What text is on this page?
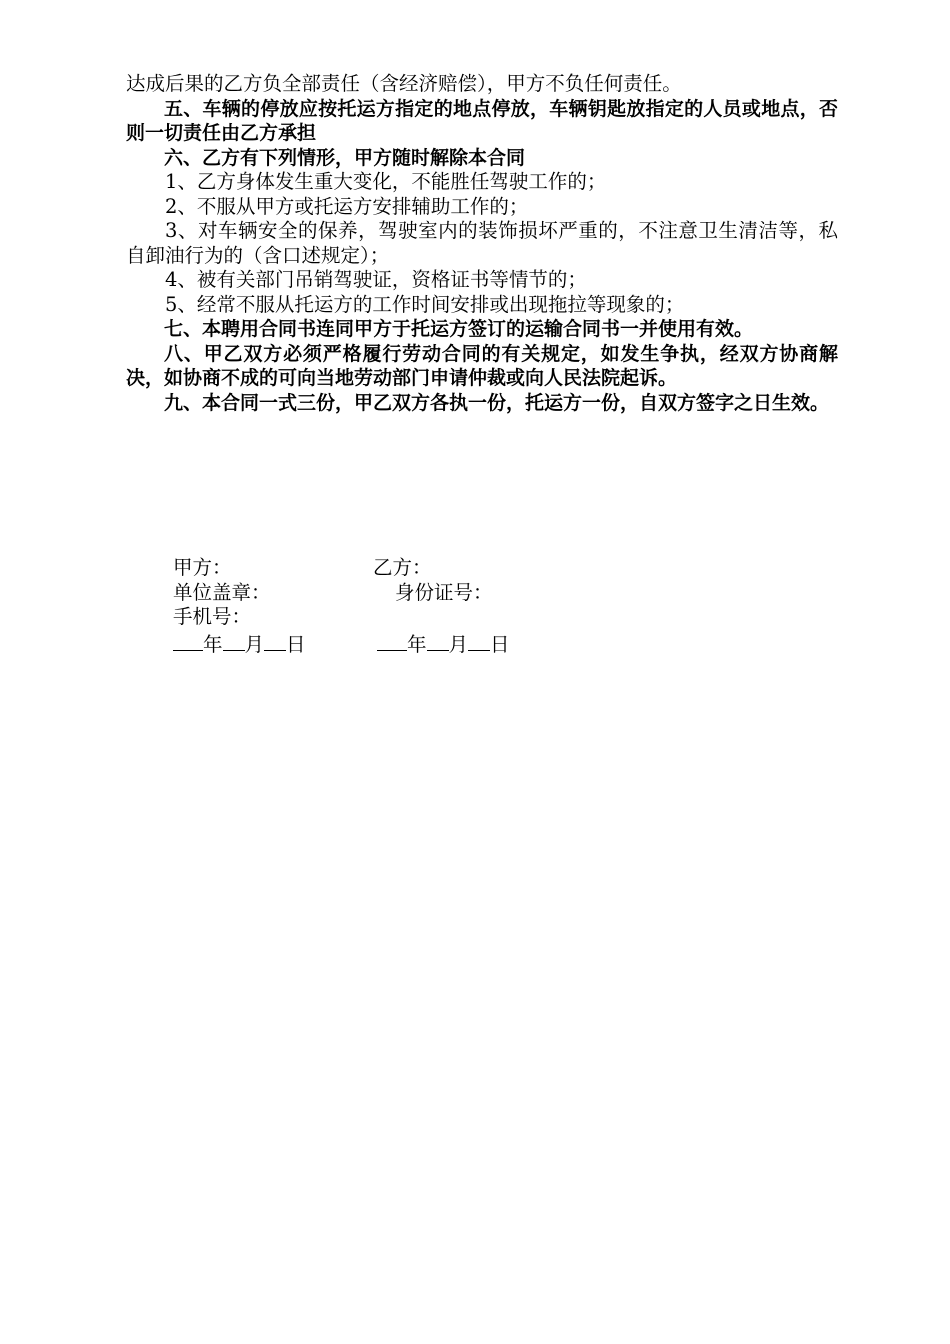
达成后果的乙方负全部责任（含经济赔偿），甲方不负任何责任。

五、车辆的停放应按托运方指定的地点停放，车辆钥匙放指定的人员或地点，否则一切责任由乙方承担

六、乙方有下列情形，甲方随时解除本合同

1、乙方身体发生重大变化，不能胜任驾驶工作的；

2、不服从甲方或托运方安排辅助工作的；

3、对车辆安全的保养，驾驶室内的装饰损坏严重的，不注意卫生清洁等，私自卸油行为的（含口述规定）；

4、被有关部门吊销驾驶证，资格证书等情节的；

5、经常不服从托运方的工作时间安排或出现拖拉等现象的；

七、本聘用合同书连同甲方于托运方签订的运输合同书一并使用有效。

八、甲乙双方必须严格履行劳动合同的有关规定，如发生争执，经双方协商解决，如协商不成的可向当地劳动部门申请仲裁或向人民法院起诉。

九、本合同一式三份，甲乙双方各执一份，托运方一份，自双方签字之日生效。

甲方：	乙方：
单位盖章：	身份证号：
手机号：
年 月 日	年 月 日
